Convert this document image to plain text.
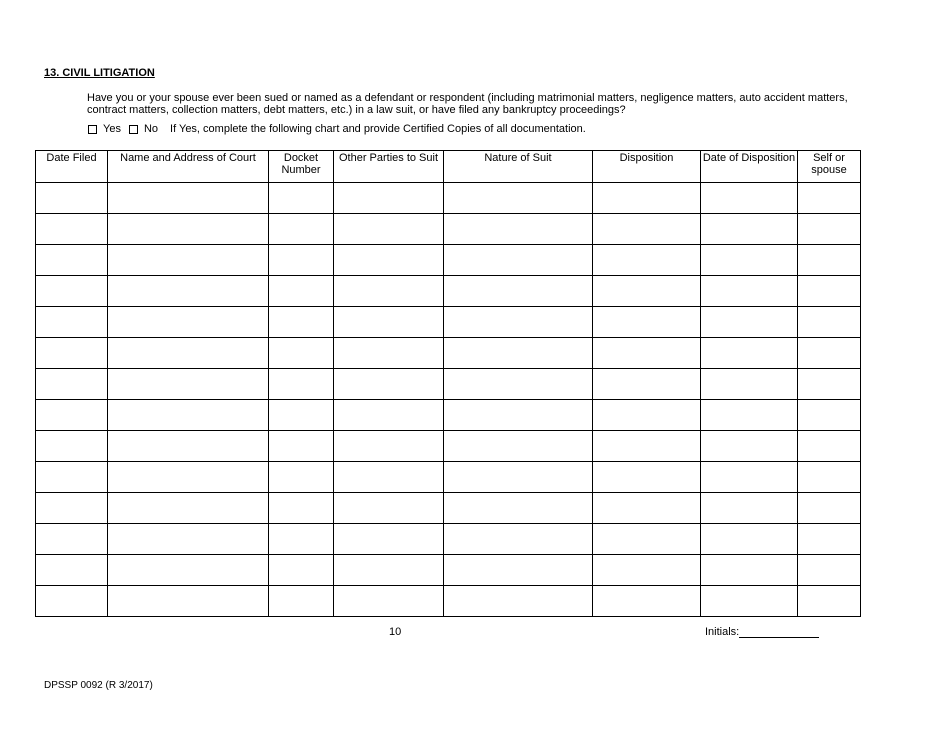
13. CIVIL LITIGATION

Have you or your spouse ever been sued or named as a defendant or respondent (including matrimonial matters, negligence matters, auto accident matters, contract matters, collection matters, debt matters, etc.) in a law suit, or have filed any bankruptcy proceedings?

Yes No If Yes, complete the following chart and provide Certified Copies of all documentation.
Date Filed	Name and Address of Court	Docket Number	Other Parties to Suit	Nature of Suit	Disposition	Date of Disposition	Self or spouse

10	Initials:
DPSSP 0092 (R 3/2017)
